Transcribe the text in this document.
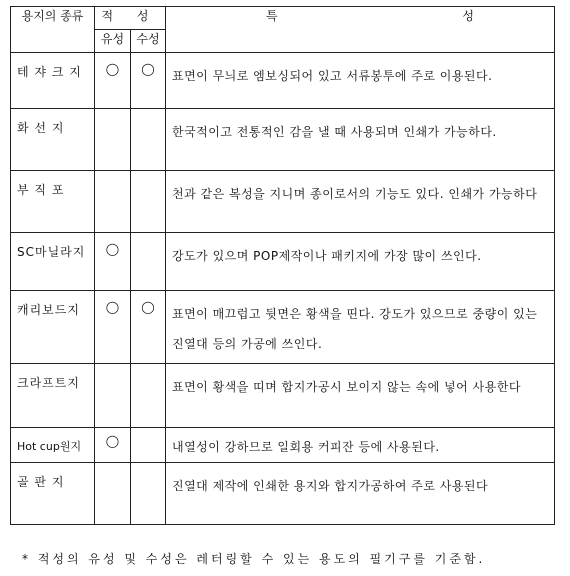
용지의 종류	적 성		특 성

	유성	수성	
테 쟈 크 지	◯	◯	표면이 무늬로 엠보싱되어 있고 서류봉투에 주로 이용된다.
화 선 지			한국적이고 전통적인 감을 낼 때 사용되며 인쇄가 가능하다.
부 직 포			천과 같은 복성을 지니며 종이로서의 기능도 있다. 인쇄가 가능하다
SC마닐라지	◯		강도가 있으며 POP제작이나 패키지에 가장 많이 쓰인다.
캐리보드지	◯	◯	표면이 매끄럽고 뒷면은 황색을 띤다. 강도가 있으므로 중량이 있는 진열대 등의 가공에 쓰인다.
크라프트지			표면이 황색을 띠며 합지가공시 보이지 않는 속에 넣어 사용한다
Hot cup원지	◯		내열성이 강하므로 일회용 커피잔 등에 사용된다.
골 판 지			진열대 제작에 인쇄한 용지와 합지가공하여 주로 사용된다
* 적성의 유성 및 수성은 레터링할 수 있는 용도의 필기구를 기준함.
